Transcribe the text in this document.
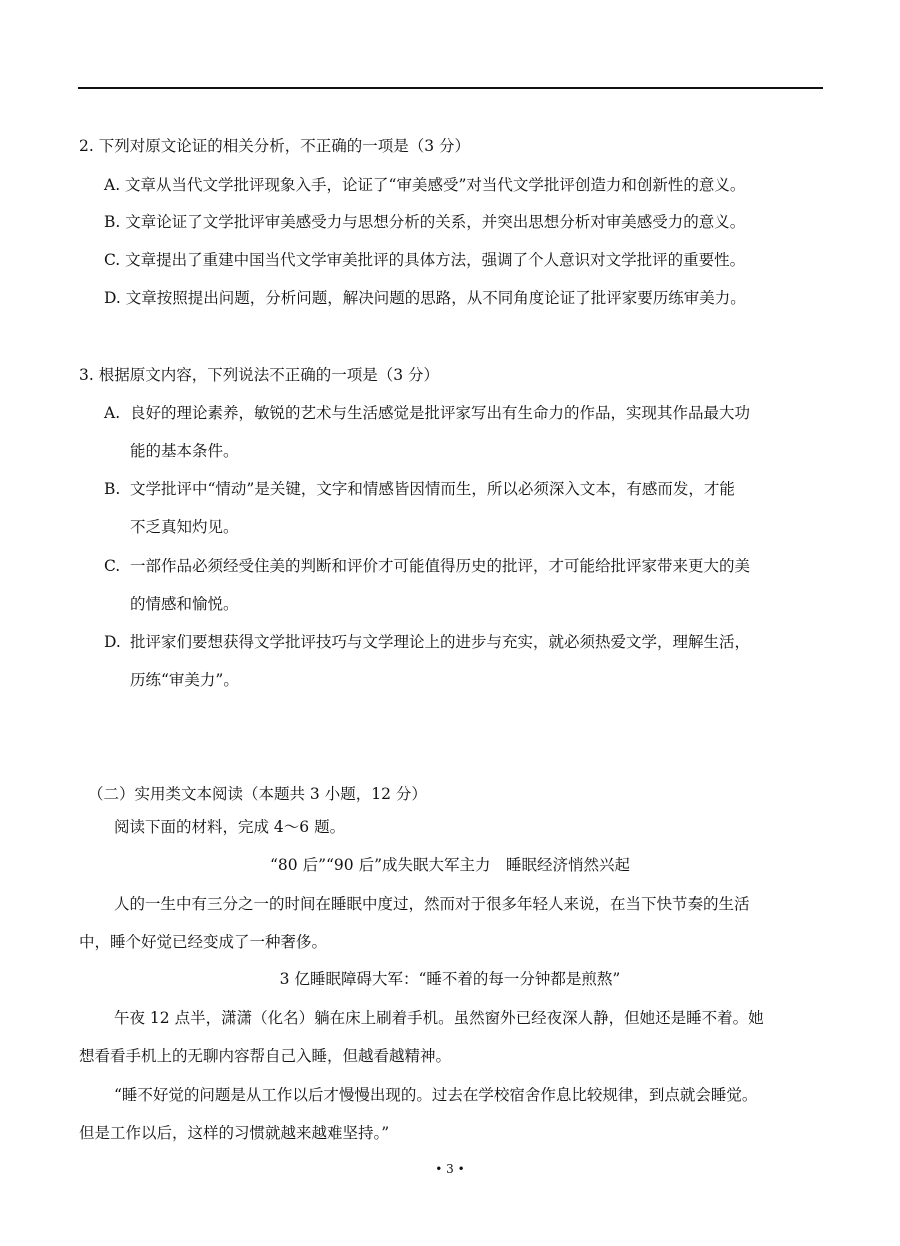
2. 下列对原文论证的相关分析，不正确的一项是（3 分）
A. 文章从当代文学批评现象入手，论证了“审美感受”对当代文学批评创造力和创新性的意义。
B. 文章论证了文学批评审美感受力与思想分析的关系，并突出思想分析对审美感受力的意义。
C. 文章提出了重建中国当代文学审美批评的具体方法，强调了个人意识对文学批评的重要性。
D. 文章按照提出问题，分析问题，解决问题的思路，从不同角度论证了批评家要历练审美力。
3. 根据原文内容，下列说法不正确的一项是（3 分）
A. 良好的理论素养，敏锐的艺术与生活感觉是批评家写出有生命力的作品，实现其作品最大功
能的基本条件。
B. 文学批评中“情动”是关键，文字和情感皆因情而生，所以必须深入文本，有感而发，才能
不乏真知灼见。
C. 一部作品必须经受住美的判断和评价才可能值得历史的批评，才可能给批评家带来更大的美
的情感和愉悦。
D. 批评家们要想获得文学批评技巧与文学理论上的进步与充实，就必须热爱文学，理解生活，
历练“审美力”。
（二）实用类文本阅读（本题共 3 小题，12 分）
阅读下面的材料，完成 4～6 题。
“80 后”“90 后”成失眠大军主力　睡眠经济悄然兴起
人的一生中有三分之一的时间在睡眠中度过，然而对于很多年轻人来说，在当下快节奏的生活
中，睡个好觉已经变成了一种奢侈。
3 亿睡眠障碍大军：“睡不着的每一分钟都是煎熬”
午夜 12 点半，潇潇（化名）躺在床上刷着手机。虽然窗外已经夜深人静，但她还是睡不着。她
想看看手机上的无聊内容帮自己入睡，但越看越精神。
“睡不好觉的问题是从工作以后才慢慢出现的。过去在学校宿舍作息比较规律，到点就会睡觉。
但是工作以后，这样的习惯就越来越难坚持。”
• 3 •
